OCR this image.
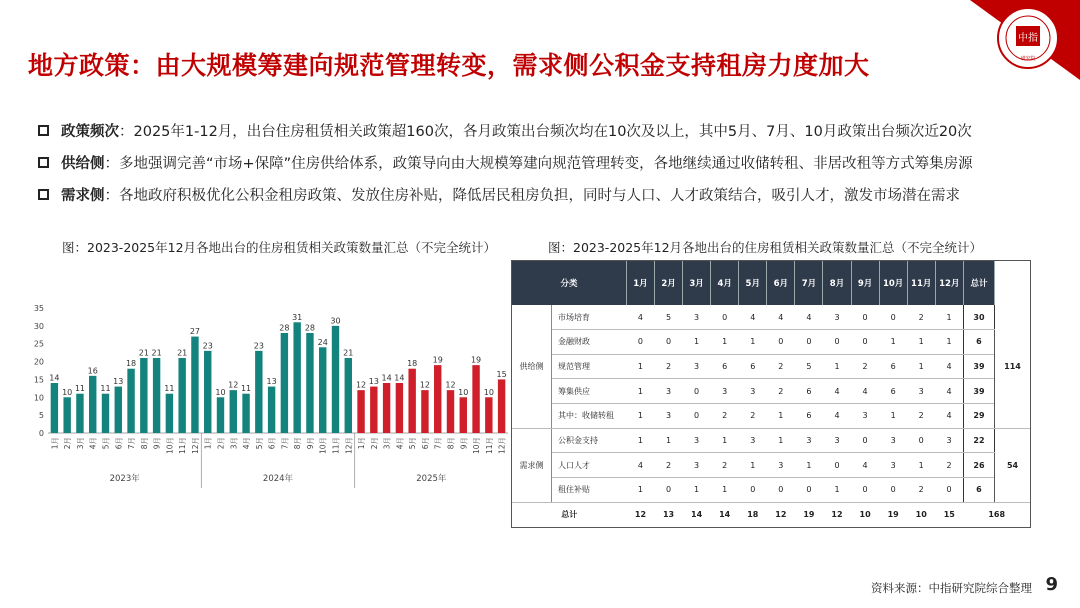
地方政策：由大规模筹建向规范管理转变，需求侧公积金支持租房力度加大
中指
研究院
政策频次 ：2025年1-12月，出台住房租赁相关政策超160次，各月政策出台频次均在10次及以上，其中5月、7月、10月政策出台频次近20次
供给侧 ：多地强调完善“市场+保障”住房供给体系，政策导向由大规模筹建向规范管理转变，各地继续通过收储转租、非居改租等方式筹集房源
需求侧 ：各地政府积极优化公积金租房政策、发放住房补贴，降低居民租房负担，同时与人口、人才政策结合，吸引人才，激发市场潜在需求
图：2023-2025年12月各地出台的住房租赁相关政策数量汇总（不完全统计）	图：2023-2025年12月各地出台的住房租赁相关政策数量汇总（不完全统计）
0
5
10
15
20
25
30
35
14
1月
10
2月
11
3月
16
4月
11
5月
13
6月
18
7月
21
8月
21
9月
11
10月
21
11月
27
12月
23
1月
10
2月
12
3月
11
4月
23
5月
13
6月
28
7月
31
8月
28
9月
24
10月
30
11月
21
12月
12
1月
13
2月
14
3月
14
4月
18
5月
12
6月
19
7月
12
8月
10
9月
19
10月
10
11月
15
12月
2023年	2024年	2025年
分类		1月	2月	3月	4月	5月	6月	7月	8月	9月	10月	11月	12月	总计	
供给侧	市场培育	4	5	3	0	4	4	4	3	0	0	2	1	30	114
	金融财政	0	0	1	1	1	0	0	0	0	1	1	1	6	
	规范管理	1	2	3	6	6	2	5	1	2	6	1	4	39	
	筹集供应	1	3	0	3	3	2	6	4	4	6	3	4	39	
	其中：收储转租	1	3	0	2	2	1	6	4	3	1	2	4	29	
需求侧	公积金支持	1	1	3	1	3	1	3	3	0	3	0	3	22	54
	人口人才	4	2	3	2	1	3	1	0	4	3	1	2	26	
	租住补贴	1	0	1	1	0	0	0	1	0	0	2	0	6	
总计		12	13	14	14	18	12	19	12	10	19	10	15	168	
资料来源：中指研究院综合整理 9
